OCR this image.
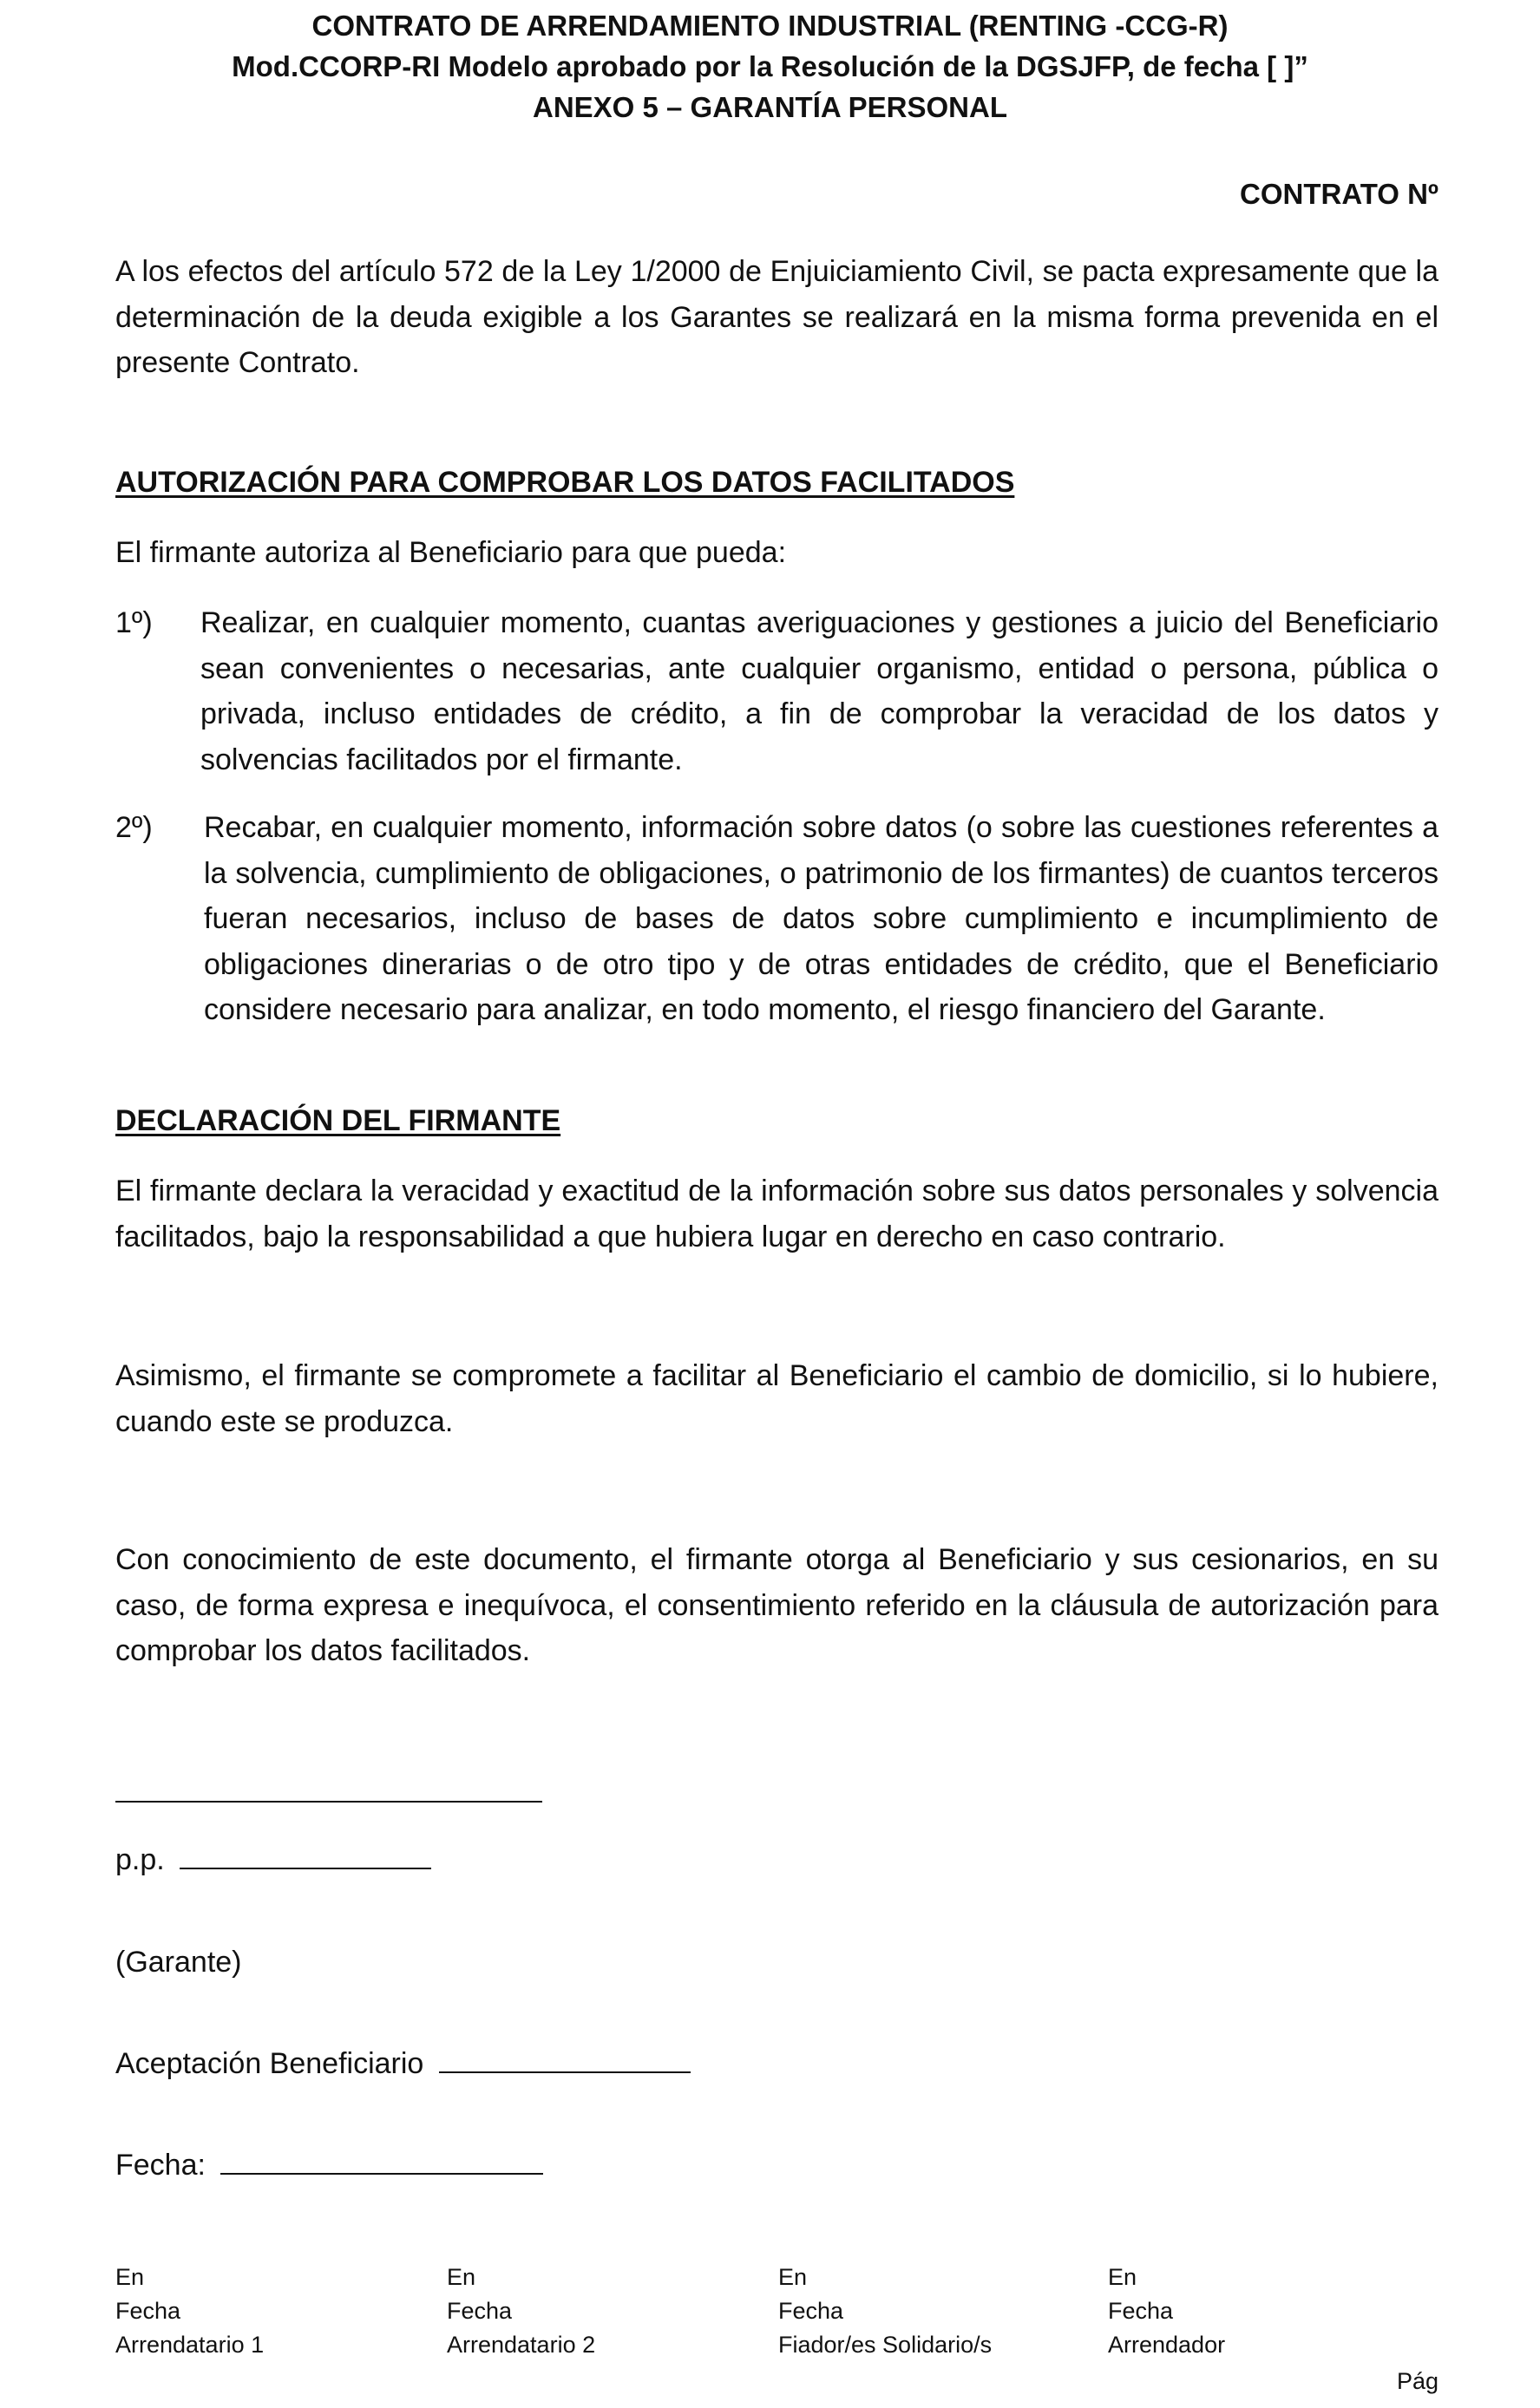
CONTRATO DE ARRENDAMIENTO INDUSTRIAL (RENTING -CCG-R)
Mod.CCORP-RI Modelo aprobado por la Resolución de la DGSJFP, de fecha [ ]”
ANEXO 5 – GARANTÍA PERSONAL
CONTRATO Nº
A los efectos del artículo 572 de la Ley 1/2000 de Enjuiciamiento Civil, se pacta expresamente que la determinación de la deuda exigible a los Garantes se realizará en la misma forma prevenida en el presente Contrato.
AUTORIZACIÓN PARA COMPROBAR LOS DATOS FACILITADOS
El firmante autoriza al Beneficiario para que pueda:
1º) Realizar, en cualquier momento, cuantas averiguaciones y gestiones a juicio del Beneficiario sean convenientes o necesarias, ante cualquier organismo, entidad o persona, pública o privada, incluso entidades de crédito, a fin de comprobar la veracidad de los datos y solvencias facilitados por el firmante.
2º) Recabar, en cualquier momento, información sobre datos (o sobre las cuestiones referentes a la solvencia, cumplimiento de obligaciones, o patrimonio de los firmantes) de cuantos terceros fueran necesarios, incluso de bases de datos sobre cumplimiento e incumplimiento de obligaciones dinerarias o de otro tipo y de otras entidades de crédito, que el Beneficiario considere necesario para analizar, en todo momento, el riesgo financiero del Garante.
DECLARACIÓN DEL FIRMANTE
El firmante declara la veracidad y exactitud de la información sobre sus datos personales y solvencia facilitados, bajo la responsabilidad a que hubiera lugar en derecho en caso contrario.
Asimismo, el firmante se compromete a facilitar al Beneficiario el cambio de domicilio, si lo hubiere, cuando este se produzca.
Con conocimiento de este documento, el firmante otorga al Beneficiario y sus cesionarios, en su caso, de forma expresa e inequívoca, el consentimiento referido en la cláusula de autorización para comprobar los datos facilitados.
p.p.
(Garante)
Aceptación Beneficiario
Fecha:
En
Fecha
Arrendatario 1
En
Fecha
Arrendatario 2
En
Fecha
Fiador/es Solidario/s
En
Fecha
Arrendador
Pág
